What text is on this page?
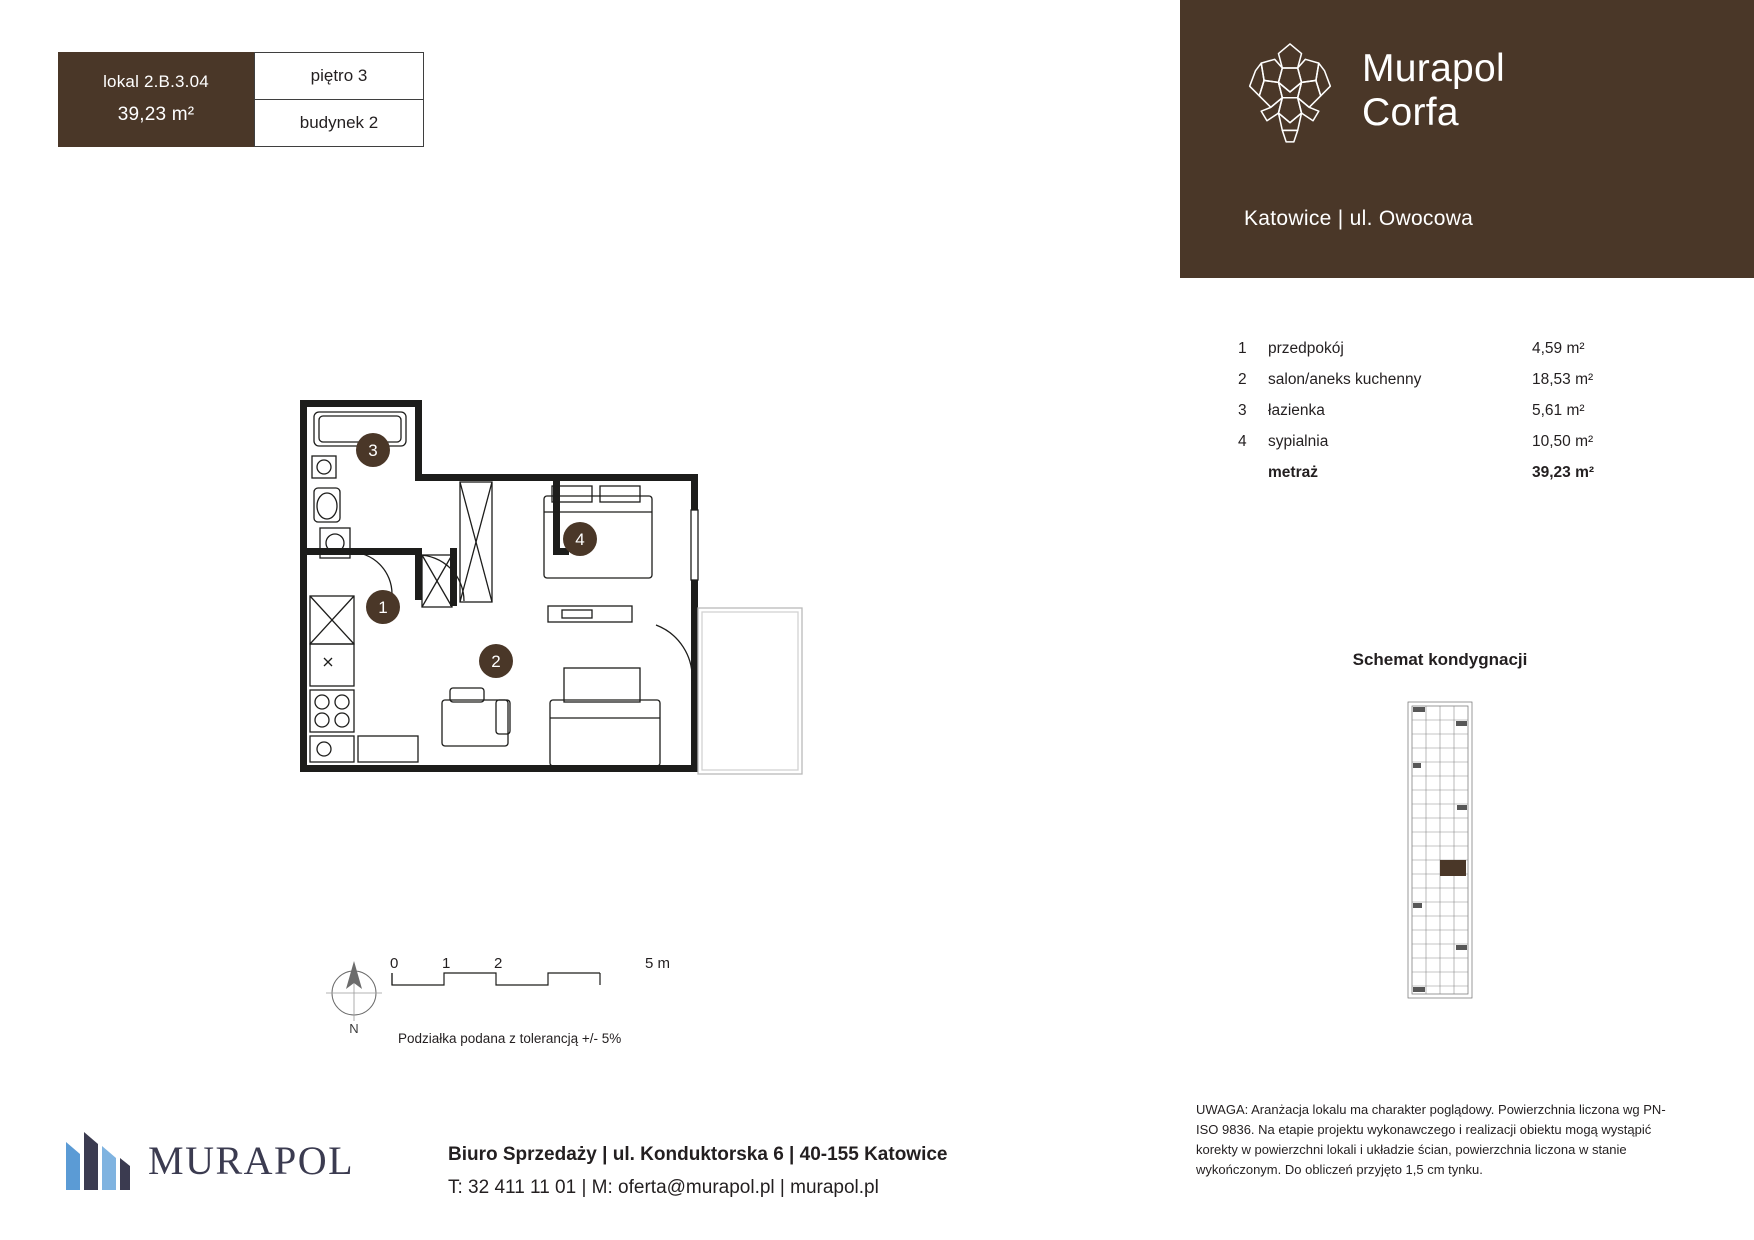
lokal 2.B.3.04
39,23 m²
piętro 3
budynek 2
Murapol
Corfa
Katowice | ul. Owocowa
1	przedpokój	4,59 m²
2	salon/aneks kuchenny	18,53 m²
3	łazienka	5,61 m²
4	sypialnia	10,50 m²
metraż	39,23 m²
Schemat kondygnacji
UWAGA: Aranżacja lokalu ma charakter poglądowy. Powierzchnia liczona wg PN-ISO 9836. Na etapie projektu wykonawczego i realizacji obiektu mogą wystąpić korekty w powierzchni lokali i układzie ścian, powierzchnia liczona w stanie wykończonym. Do obliczeń przyjęto 1,5 cm tynku.
1
2
3
4
0	1	2	5 m
N
Podziałka podana z tolerancją +/- 5%
MURAPOL	Biuro Sprzedaży | ul. Konduktorska 6 | 40-155 Katowice
T: 32 411 11 01 | M: oferta@murapol.pl | murapol.pl
